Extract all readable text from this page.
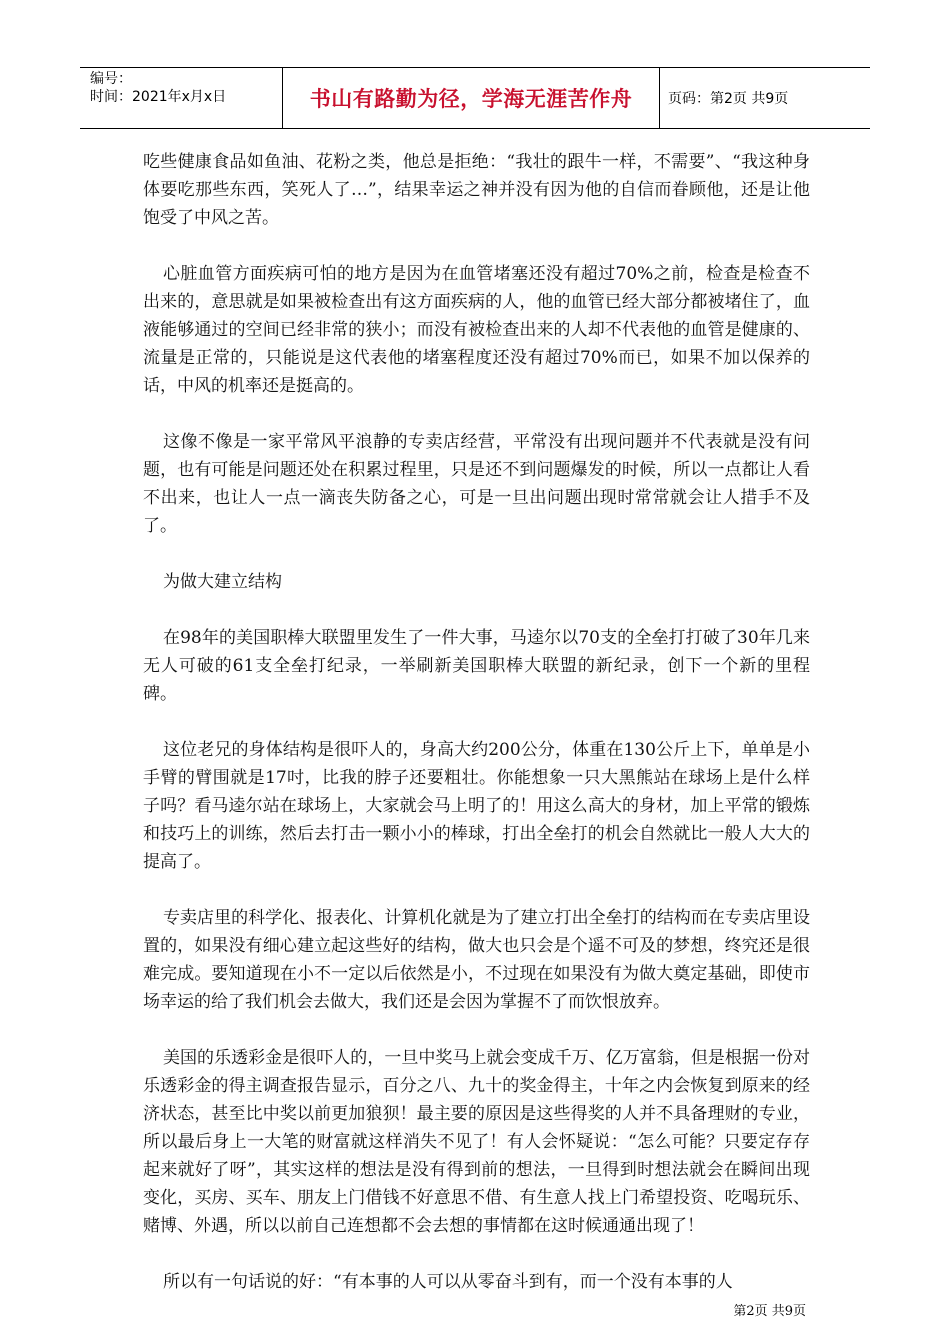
编号：
时间：2021年x月x日	书山有路勤为径，学海无涯苦作舟	页码：第2页 共9页

吃些健康食品如鱼油、花粉之类，他总是拒绝：“我壮的跟牛一样，不需要”、“我这种身体要吃那些东西，笑死人了…”，结果幸运之神并没有因为他的自信而眷顾他，还是让他饱受了中风之苦。

心脏血管方面疾病可怕的地方是因为在血管堵塞还没有超过70%之前，检查是检查不出来的，意思就是如果被检查出有这方面疾病的人，他的血管已经大部分都被堵住了，血液能够通过的空间已经非常的狭小；而没有被检查出来的人却不代表他的血管是健康的、流量是正常的，只能说是这代表他的堵塞程度还没有超过70%而已，如果不加以保养的话，中风的机率还是挺高的。

这像不像是一家平常风平浪静的专卖店经营，平常没有出现问题并不代表就是没有问题，也有可能是问题还处在积累过程里，只是还不到问题爆发的时候，所以一点都让人看不出来，也让人一点一滴丧失防备之心，可是一旦出问题出现时常常就会让人措手不及了。

为做大建立结构

在98年的美国职棒大联盟里发生了一件大事，马逵尔以70支的全垒打打破了30年几来无人可破的61支全垒打纪录，一举刷新美国职棒大联盟的新纪录，创下一个新的里程碑。

这位老兄的身体结构是很吓人的，身高大约200公分，体重在130公斤上下，单单是小手臂的臂围就是17吋，比我的脖子还要粗壮。你能想象一只大黑熊站在球场上是什么样子吗？看马逵尔站在球场上，大家就会马上明了的！用这么高大的身材，加上平常的锻炼和技巧上的训练，然后去打击一颗小小的棒球，打出全垒打的机会自然就比一般人大大的提高了。

专卖店里的科学化、报表化、计算机化就是为了建立打出全垒打的结构而在专卖店里设置的，如果没有细心建立起这些好的结构，做大也只会是个遥不可及的梦想，终究还是很难完成。要知道现在小不一定以后依然是小，不过现在如果没有为做大奠定基础，即使市场幸运的给了我们机会去做大，我们还是会因为掌握不了而饮恨放弃。

美国的乐透彩金是很吓人的，一旦中奖马上就会变成千万、亿万富翁，但是根据一份对乐透彩金的得主调查报告显示，百分之八、九十的奖金得主，十年之内会恢复到原来的经济状态，甚至比中奖以前更加狼狈！最主要的原因是这些得奖的人并不具备理财的专业，所以最后身上一大笔的财富就这样消失不见了！有人会怀疑说：“怎么可能？只要定存存起来就好了呀”，其实这样的想法是没有得到前的想法，一旦得到时想法就会在瞬间出现变化，买房、买车、朋友上门借钱不好意思不借、有生意人找上门希望投资、吃喝玩乐、赌博、外遇，所以以前自己连想都不会去想的事情都在这时候通通出现了！

所以有一句话说的好：“有本事的人可以从零奋斗到有，而一个没有本事的人

第2页 共9页
